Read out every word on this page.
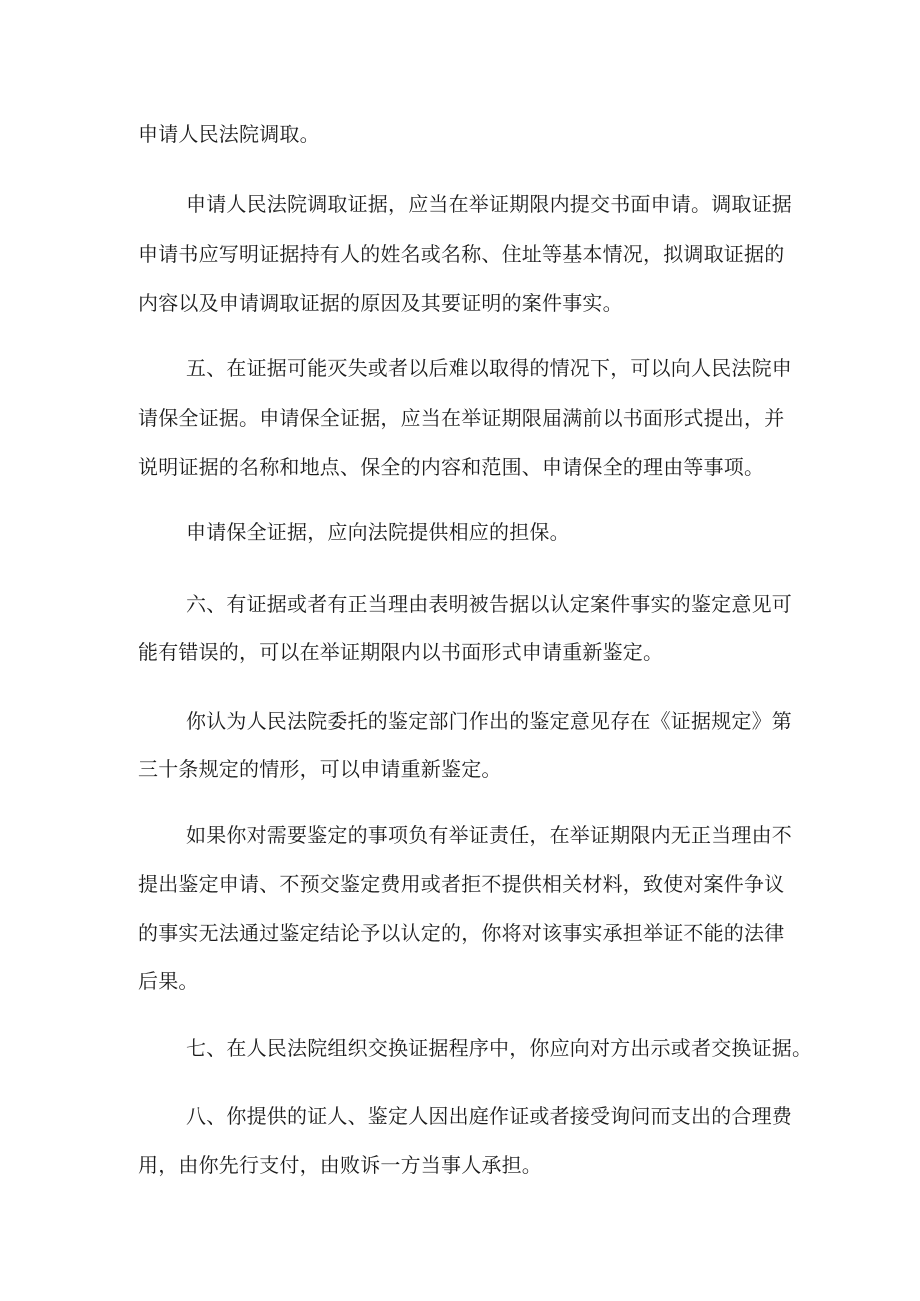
申请人民法院调取。

申请人民法院调取证据，应当在举证期限内提交书面申请。调取证据

申请书应写明证据持有人的姓名或名称、住址等基本情况，拟调取证据的

内容以及申请调取证据的原因及其要证明的案件事实。

五、在证据可能灭失或者以后难以取得的情况下，可以向人民法院申

请保全证据。申请保全证据，应当在举证期限届满前以书面形式提出，并

说明证据的名称和地点、保全的内容和范围、申请保全的理由等事项。

申请保全证据，应向法院提供相应的担保。

六、有证据或者有正当理由表明被告据以认定案件事实的鉴定意见可

能有错误的，可以在举证期限内以书面形式申请重新鉴定。

你认为人民法院委托的鉴定部门作出的鉴定意见存在《证据规定》第

三十条规定的情形，可以申请重新鉴定。

如果你对需要鉴定的事项负有举证责任，在举证期限内无正当理由不

提出鉴定申请、不预交鉴定费用或者拒不提供相关材料，致使对案件争议

的事实无法通过鉴定结论予以认定的，你将对该事实承担举证不能的法律

后果。

七、在人民法院组织交换证据程序中，你应向对方出示或者交换证据。

八、你提供的证人、鉴定人因出庭作证或者接受询问而支出的合理费

用，由你先行支付，由败诉一方当事人承担。
